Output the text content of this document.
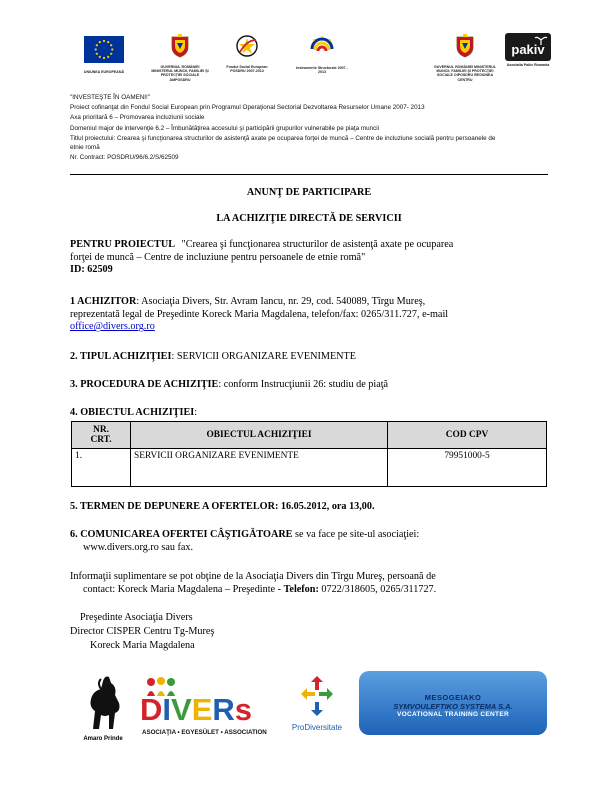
UNIUNEA EUROPEANĂ
GUVERNUL ROMÂNIEI MINISTERUL MUNCII, FAMILIEI ŞI PROTECŢIEI SOCIALE AMPOSDRU
Fondul Social European POSDRU 2007-2013
Instrumente Structurale 2007 - 2013
GUVERNUL ROMÂNIEI MINISTERUL MUNCII, FAMILIEI ŞI PROTECŢIEI SOCIALE OIPOSDRU REGIUNEA CENTRU
pakiv
Asociatia Pakiv Romania
"INVESTEŞTE ÎN OAMENI!"
Proiect cofinanţat din Fondul Social European prin Programul Operaţional Sectorial Dezvoltarea Resurselor Umane 2007- 2013
Axa prioritară 6 – Promovarea incluziunii sociale
Domeniul major de intervenţie 6.2 – Îmbunătăţirea accesului şi participării grupurilor vulnerabile pe piaţa muncii
Titlul proiectului: Crearea şi funcţionarea structurilor de asistenţă axate pe ocuparea forţei de muncă – Centre de incluziune socială pentru persoanele de
etnie romă
Nr. Contract: POSDRU/96/6.2/S/62509
ANUNŢ DE PARTICIPARE
LA ACHIZIŢIE DIRECTĂ DE SERVICII
PENTRU PROIECTUL "Crearea şi funcţionarea structurilor de asistenţă axate pe ocuparea
forţei de muncă – Centre de incluziune pentru persoanele de etnie romă"
ID: 62509
1 ACHIZITOR: Asociaţia Divers, Str. Avram Iancu, nr. 29, cod. 540089, Tîrgu Mureş,
reprezentată legal de Preşedinte Koreck Maria Magdalena, telefon/fax: 0265/311.727, e-mail
office@divers.org.ro
2. TIPUL ACHIZIŢIEI: SERVICII ORGANIZARE EVENIMENTE
3. PROCEDURA DE ACHIZIŢIE: conform Instrucţiunii 26: studiu de piaţă
4. OBIECTUL ACHIZIŢIEI:
NR.
CRT.	OBIECTUL ACHIZIŢIEI	COD CPV
1.	SERVICII ORGANIZARE EVENIMENTE	79951000-5
5. TERMEN DE DEPUNERE A OFERTELOR: 16.05.2012, ora 13,00.
6. COMUNICAREA OFERTEI CÂŞTIGĂTOARE se va face pe site-ul asociaţiei:
www.divers.org.ro sau fax.
Informaţii suplimentare se pot obţine de la Asociaţia Divers din Tîrgu Mureş, persoană de
contact: Koreck Maria Magdalena – Preşedinte - Telefon: 0722/318605, 0265/311727.
Preşedinte Asociaţia Divers
Director CISPER Centru Tg-Mureş
Koreck Maria Magdalena
Amaro Prinde
DIVERs
ASOCIAŢIA • EGYESÜLET • ASSOCIATION
ProDiversitate
MESOGEIAKO
SYMVOULEFTIKO SYSTEMA S.A.
VOCATIONAL TRAINING CENTER
